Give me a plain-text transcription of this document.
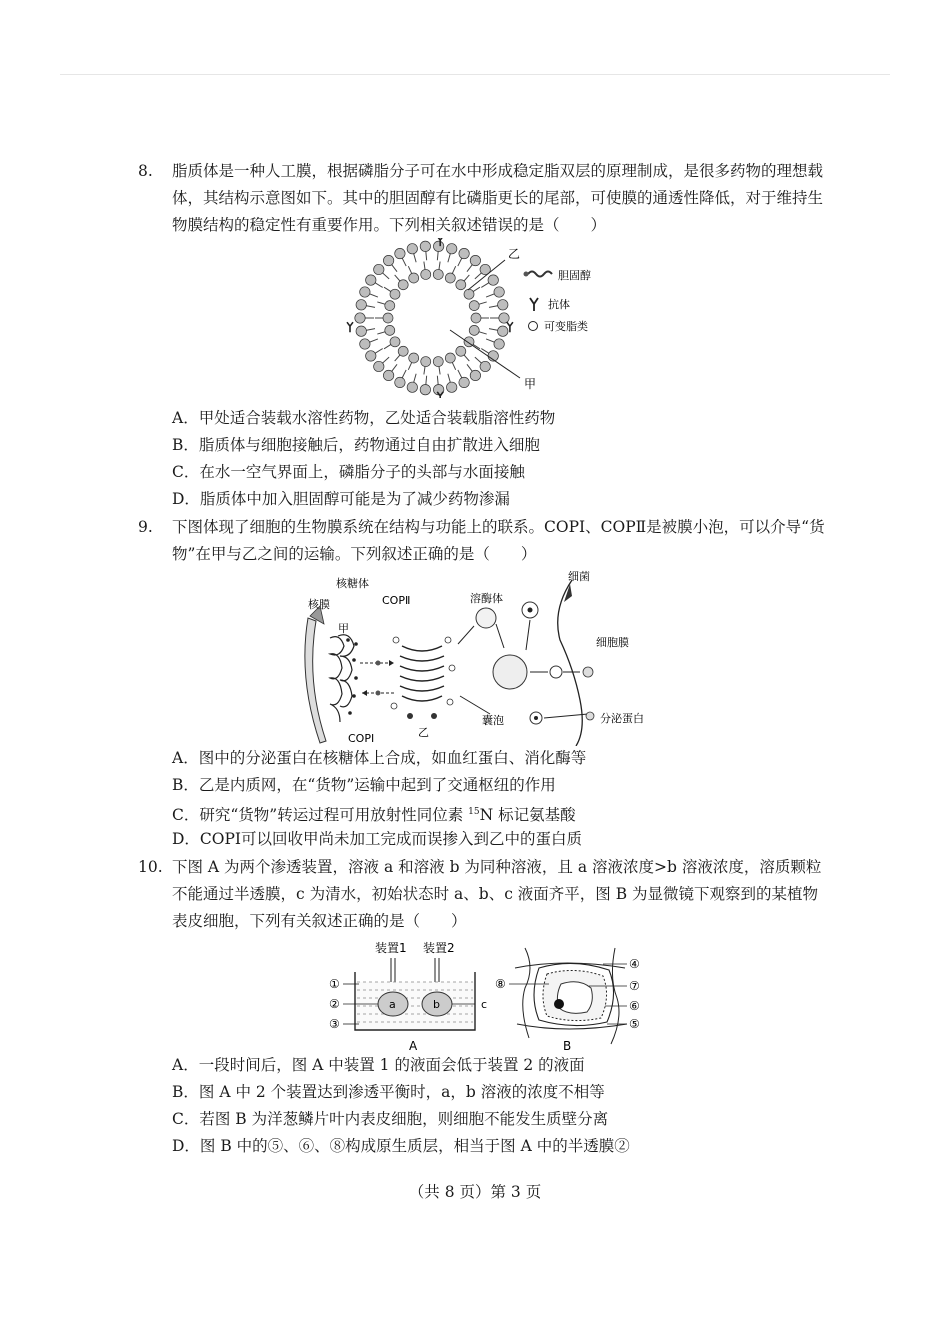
8.	脂质体是一种人工膜，根据磷脂分子可在水中形成稳定脂双层的原理制成，是很多药物的理想载体，其结构示意图如下。其中的胆固醇有比磷脂更长的尾部，可使膜的通透性降低，对于维持生物膜结构的稳定性有重要作用。下列相关叙述错误的是（　　）
乙
甲
胆固醇
抗体
可变脂类
A．甲处适合装载水溶性药物，乙处适合装载脂溶性药物
B．脂质体与细胞接触后，药物通过自由扩散进入细胞
C．在水一空气界面上，磷脂分子的头部与水面接触
D．脂质体中加入胆固醇可能是为了减少药物渗漏
9.	下图体现了细胞的生物膜系统在结构与功能上的联系。COPⅠ、COPⅡ是被膜小泡，可以介导“货物”在甲与乙之间的运输。下列叙述正确的是（　　）
核糖体
核膜	COPⅡ
甲
溶酶体
细菌
细胞膜
COPⅠ	乙
囊泡	分泌蛋白
A．图中的分泌蛋白在核糖体上合成，如血红蛋白、消化酶等
B．乙是内质网，在“货物”运输中起到了交通枢纽的作用
C．研究“货物”转运过程可用放射性同位素 $^{15}$N 标记氨基酸
D．COPⅠ可以回收甲尚未加工完成而误掺入到乙中的蛋白质
10. 下图 A 为两个渗透装置，溶液 a 和溶液 b 为同种溶液，且 a 溶液浓度>b 溶液浓度，溶质颗粒不能通过半透膜，c 为清水，初始状态时 a、b、c 液面齐平，图 B 为显微镜下观察到的某植物表皮细胞，下列有关叙述正确的是（　　）
装置1 装置2
a	b	c
①
②
③
A
⑧
④
⑦
⑥
⑤
B
A．一段时间后，图 A 中装置 1 的液面会低于装置 2 的液面
B．图 A 中 2 个装置达到渗透平衡时，a，b 溶液的浓度不相等
C．若图 B 为洋葱鳞片叶内表皮细胞，则细胞不能发生质壁分离
D．图 B 中的⑤、⑥、⑧构成原生质层，相当于图 A 中的半透膜②
（共 8 页）第 3 页
